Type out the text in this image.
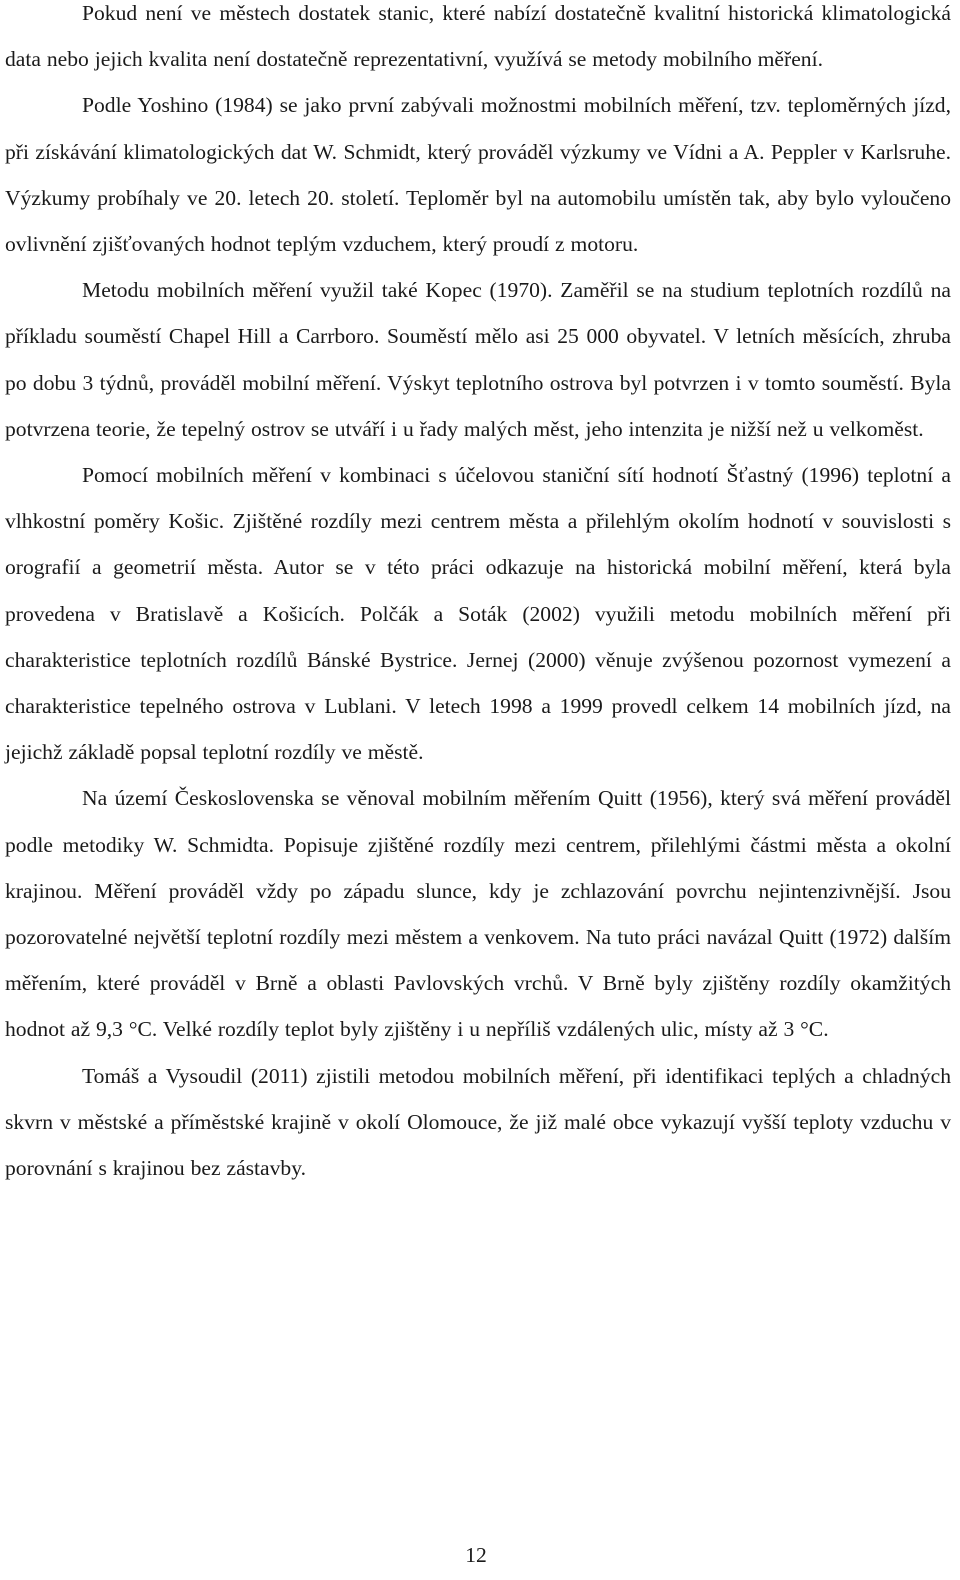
Pokud není ve městech dostatek stanic, které nabízí dostatečně kvalitní historická klimatologická data nebo jejich kvalita není dostatečně reprezentativní, využívá se metody mobilního měření.

Podle Yoshino (1984) se jako první zabývali možnostmi mobilních měření, tzv. teploměrných jízd, při získávání klimatologických dat W. Schmidt, který prováděl výzkumy ve Vídni a A. Peppler v Karlsruhe. Výzkumy probíhaly ve 20. letech 20. století. Teploměr byl na automobilu umístěn tak, aby bylo vyloučeno ovlivnění zjišťovaných hodnot teplým vzduchem, který proudí z motoru.

Metodu mobilních měření využil také Kopec (1970). Zaměřil se na studium teplotních rozdílů na příkladu souměstí Chapel Hill a Carrboro. Souměstí mělo asi 25 000 obyvatel. V letních měsících, zhruba po dobu 3 týdnů, prováděl mobilní měření. Výskyt teplotního ostrova byl potvrzen i v tomto souměstí. Byla potvrzena teorie, že tepelný ostrov se utváří i u řady malých měst, jeho intenzita je nižší než u velkoměst.

Pomocí mobilních měření v kombinaci s účelovou staniční sítí hodnotí Šťastný (1996) teplotní a vlhkostní poměry Košic. Zjištěné rozdíly mezi centrem města a přilehlým okolím hodnotí v souvislosti s orografií a geometrií města. Autor se v této práci odkazuje na historická mobilní měření, která byla provedena v Bratislavě a Košicích. Polčák a Soták (2002) využili metodu mobilních měření při charakteristice teplotních rozdílů Bánské Bystrice. Jernej (2000) věnuje zvýšenou pozornost vymezení a charakteristice tepelného ostrova v Lublani. V letech 1998 a 1999 provedl celkem 14 mobilních jízd, na jejichž základě popsal teplotní rozdíly ve městě.

Na území Československa se věnoval mobilním měřením Quitt (1956), který svá měření prováděl podle metodiky W. Schmidta. Popisuje zjištěné rozdíly mezi centrem, přilehlými částmi města a okolní krajinou. Měření prováděl vždy po západu slunce, kdy je zchlazování povrchu nejintenzivnější. Jsou pozorovatelné největší teplotní rozdíly mezi městem a venkovem. Na tuto práci navázal Quitt (1972) dalším měřením, které prováděl v Brně a oblasti Pavlovských vrchů. V Brně byly zjištěny rozdíly okamžitých hodnot až 9,3 °C. Velké rozdíly teplot byly zjištěny i u nepříliš vzdálených ulic, místy až 3 °C.

Tomáš a Vysoudil (2011) zjistili metodou mobilních měření, při identifikaci teplých a chladných skvrn v městské a příměstské krajině v okolí Olomouce, že již malé obce vykazují vyšší teploty vzduchu v porovnání s krajinou bez zástavby.

12
